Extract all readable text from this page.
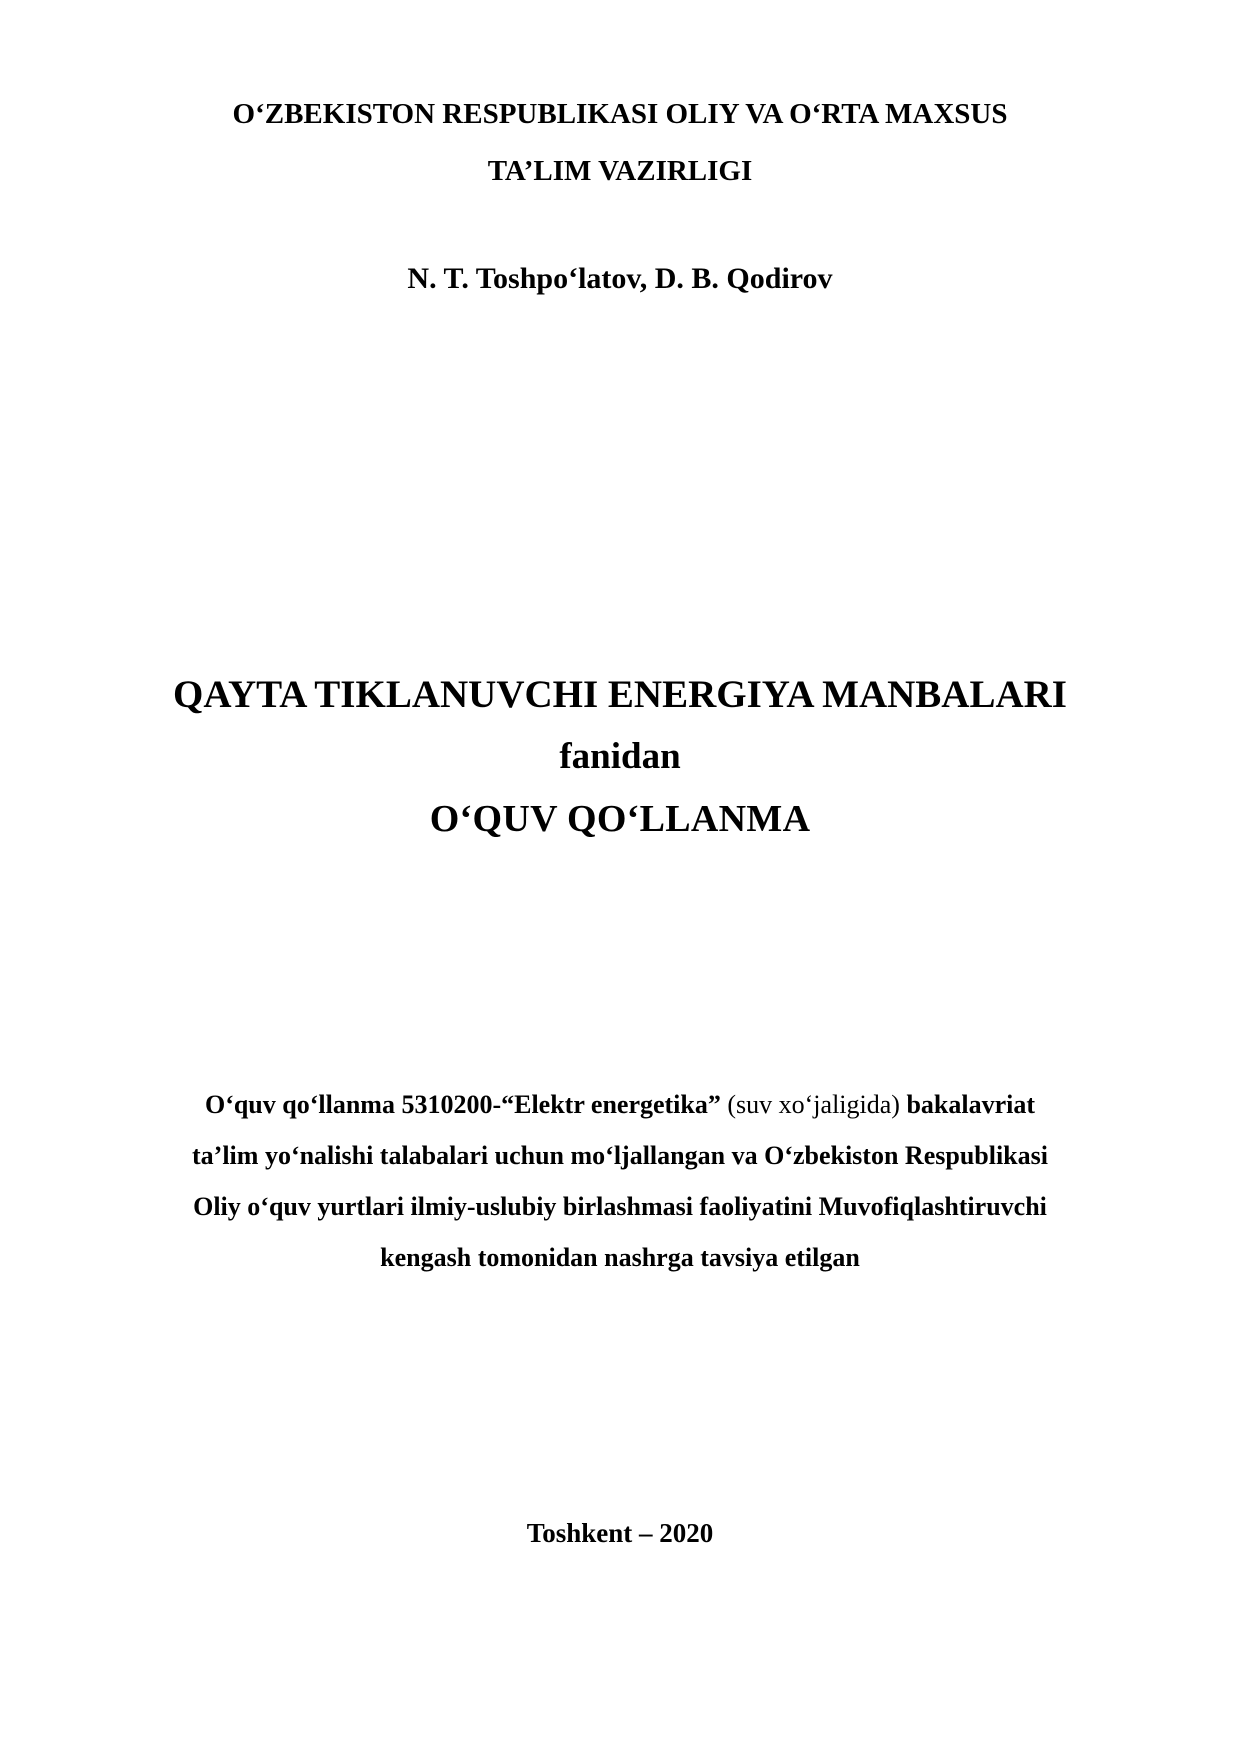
O‘ZBEKISTON RESPUBLIKASI OLIY VA O‘RTA MAXSUS
TA’LIM VAZIRLIGI
N. T. Toshpo‘latov, D. B. Qodirov
QAYTA TIKLANUVCHI ENERGIYA MANBALARI
fanidan
O‘QUV QO‘LLANMA
O‘quv qo‘llanma 5310200-“Elektr energetika” (suv xo‘jaligida) bakalavriat
ta’lim yo‘nalishi talabalari uchun mo‘ljallangan va O‘zbekiston Respublikasi
Oliy o‘quv yurtlari ilmiy-uslubiy birlashmasi faoliyatini Muvofiqlashtiruvchi
kengash tomonidan nashrga tavsiya etilgan
Toshkent – 2020
